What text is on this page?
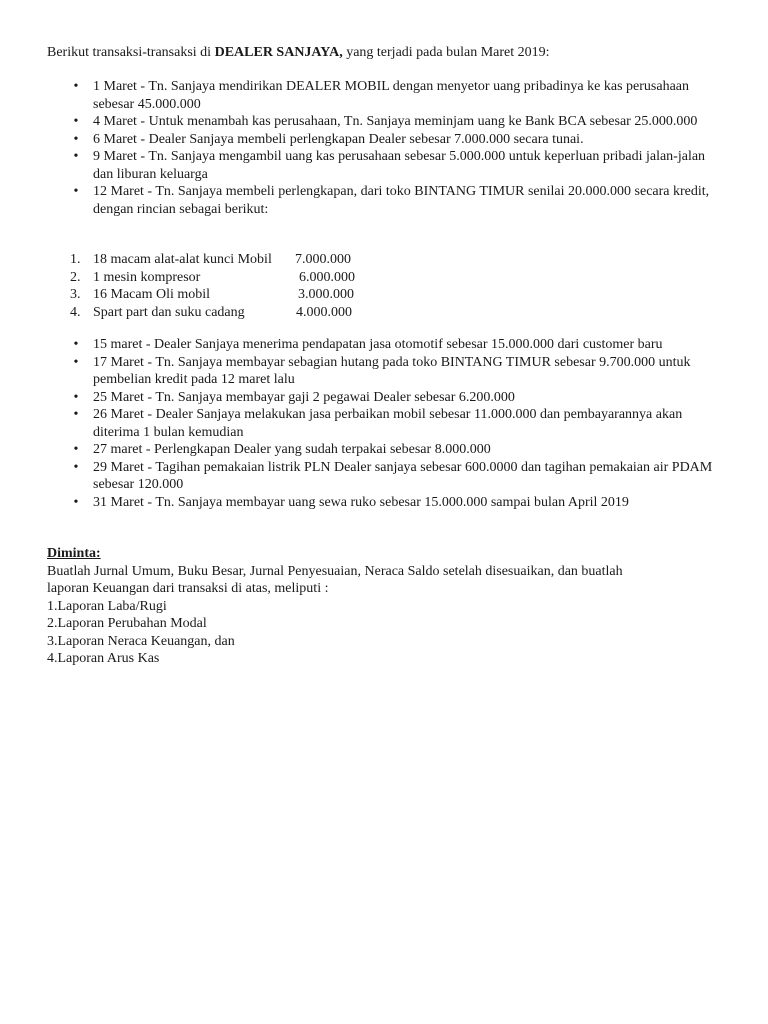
Berikut transaksi-transaksi di DEALER SANJAYA, yang terjadi pada bulan Maret 2019:
• 1 Maret - Tn. Sanjaya mendirikan DEALER MOBIL dengan menyetor uang pribadinya ke kas perusahaan sebesar 45.000.000
• 4 Maret - Untuk menambah kas perusahaan, Tn. Sanjaya meminjam uang ke Bank BCA sebesar 25.000.000
• 6 Maret - Dealer Sanjaya membeli perlengkapan Dealer sebesar 7.000.000 secara tunai.
• 9 Maret - Tn. Sanjaya mengambil uang kas perusahaan sebesar 5.000.000 untuk keperluan pribadi jalan-jalan dan liburan keluarga
• 12 Maret - Tn. Sanjaya membeli perlengkapan, dari toko BINTANG TIMUR senilai 20.000.000 secara kredit, dengan rincian sebagai berikut:
1. 18 macam alat-alat kunci Mobil 7.000.000
2. 1 mesin kompresor	6.000.000
3. 16 Macam Oli mobil	3.000.000
4. Spart part dan suku cadang	4.000.000
• 15 maret - Dealer Sanjaya menerima pendapatan jasa otomotif sebesar 15.000.000 dari customer baru
• 17 Maret - Tn. Sanjaya membayar sebagian hutang pada toko BINTANG TIMUR sebesar 9.700.000 untuk pembelian kredit pada 12 maret lalu
• 25 Maret - Tn. Sanjaya membayar gaji 2 pegawai Dealer sebesar 6.200.000
• 26 Maret - Dealer Sanjaya melakukan jasa perbaikan mobil sebesar 11.000.000 dan pembayarannya akan diterima 1 bulan kemudian
• 27 maret - Perlengkapan Dealer yang sudah terpakai sebesar 8.000.000
• 29 Maret - Tagihan pemakaian listrik PLN Dealer sanjaya sebesar 600.0000 dan tagihan pemakaian air PDAM sebesar 120.000
• 31 Maret - Tn. Sanjaya membayar uang sewa ruko sebesar 15.000.000 sampai bulan April 2019
Diminta:
Buatlah Jurnal Umum, Buku Besar, Jurnal Penyesuaian, Neraca Saldo setelah disesuaikan, dan buatlah
laporan Keuangan dari transaksi di atas, meliputi :
1.Laporan Laba/Rugi
2.Laporan Perubahan Modal
3.Laporan Neraca Keuangan, dan
4.Laporan Arus Kas
